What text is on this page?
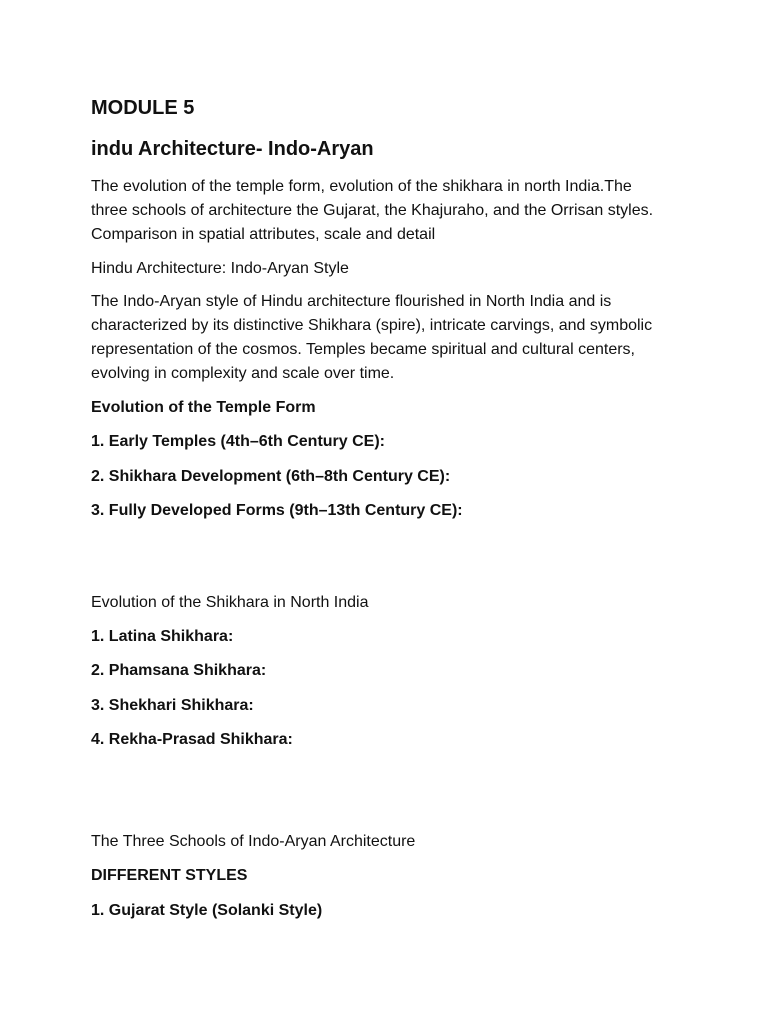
MODULE 5
indu Architecture- Indo-Aryan
The evolution of the temple form, evolution of the shikhara in north India.The
three schools of architecture the Gujarat, the Khajuraho, and the Orrisan styles.
Comparison in spatial attributes, scale and detail

Hindu Architecture: Indo-Aryan Style

The Indo-Aryan style of Hindu architecture flourished in North India and is
characterized by its distinctive Shikhara (spire), intricate carvings, and symbolic
representation of the cosmos. Temples became spiritual and cultural centers,
evolving in complexity and scale over time.

Evolution of the Temple Form

1. Early Temples (4th–6th Century CE):

2. Shikhara Development (6th–8th Century CE):

3. Fully Developed Forms (9th–13th Century CE):

Evolution of the Shikhara in North India

1. Latina Shikhara:

2. Phamsana Shikhara:

3. Shekhari Shikhara:

4. Rekha-Prasad Shikhara:

The Three Schools of Indo-Aryan Architecture

DIFFERENT STYLES

1. Gujarat Style (Solanki Style)
